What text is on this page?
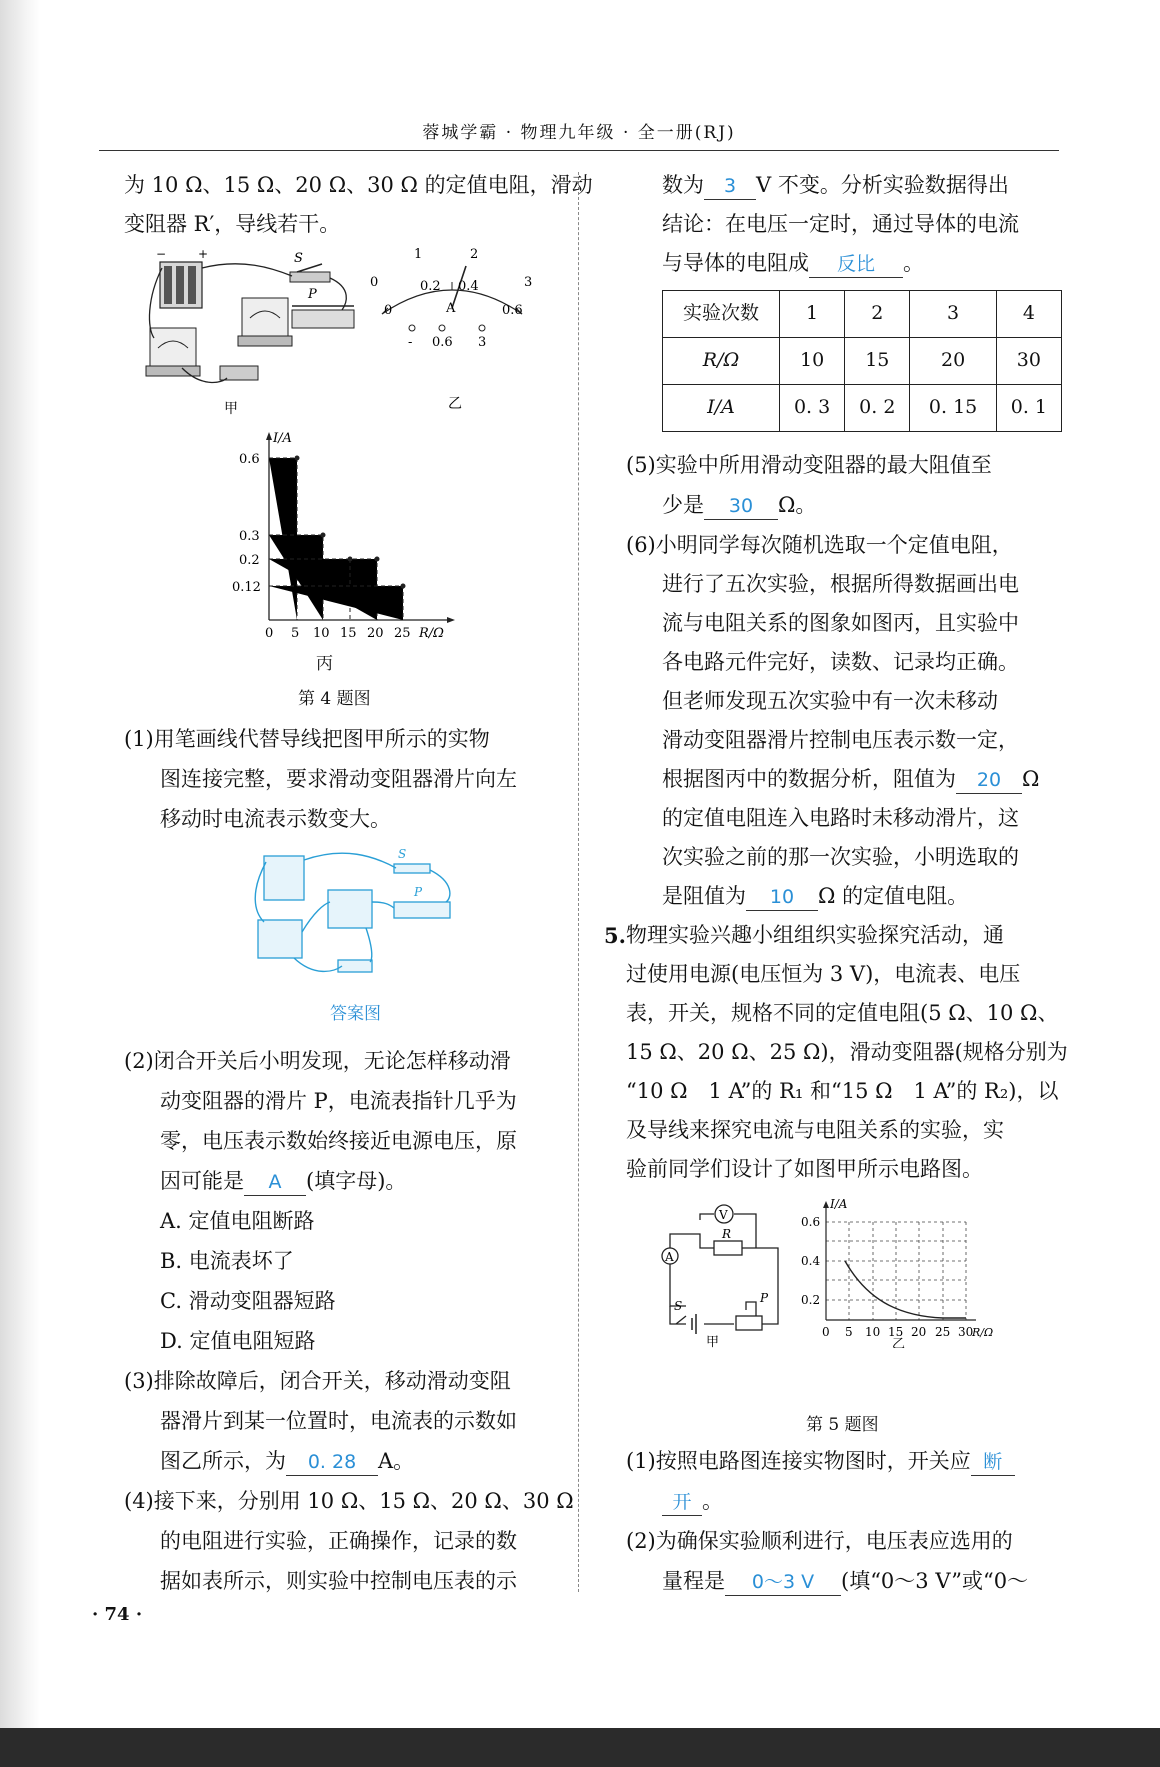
蓉城学霸 · 物理九年级 · 全一册(RJ)
为 10 Ω、15 Ω、20 Ω、30 Ω 的定值电阻，滑动
变阻器 R′，导线若干。
−	+	S
P
甲
0
1	2
3
0
0.2 0.4
0.6
A
- 0.6 3
乙
I/A
R/Ω
0.6
0.3
0.2
0.12
0 5 10 15 20 25
丙
第 4 题图
(1)用笔画线代替导线把图甲所示的实物
图连接完整，要求滑动变阻器滑片向左
移动时电流表示数变大。
S
P
答案图
(2)闭合开关后小明发现，无论怎样移动滑
动变阻器的滑片 P，电流表指针几乎为
零，电压表示数始终接近电源电压，原
因可能是 A (填字母)。
A. 定值电阻断路
B. 电流表坏了
C. 滑动变阻器短路
D. 定值电阻短路
(3)排除故障后，闭合开关，移动滑动变阻
器滑片到某一位置时，电流表的示数如
图乙所示，为 0. 28 A。
(4)接下来，分别用 10 Ω、15 Ω、20 Ω、30 Ω
的电阻进行实验，正确操作，记录的数
据如表所示，则实验中控制电压表的示
数为 3 V 不变。分析实验数据得出
结论：在电压一定时，通过导体的电流
与导体的电阻成 反比 。
实验次数	1	2	3	4
R/Ω	10	15	20	30
I/A	0. 3	0. 2	0. 15	0. 1
(5)实验中所用滑动变阻器的最大阻值至
少是 30 Ω。
(6)小明同学每次随机选取一个定值电阻，
进行了五次实验，根据所得数据画出电
流与电阻关系的图象如图丙，且实验中
各电路元件完好，读数、记录均正确。
但老师发现五次实验中有一次未移动
滑动变阻器滑片控制电压表示数一定，
根据图丙中的数据分析，阻值为 20 Ω
的定值电阻连入电路时未移动滑片，这
次实验之前的那一次实验，小明选取的
是阻值为 10 Ω 的定值电阻。
5. 物理实验兴趣小组组织实验探究活动，通
过使用电源(电压恒为 3 V)，电流表、电压
表，开关，规格不同的定值电阻(5 Ω、10 Ω、
15 Ω、20 Ω、25 Ω)，滑动变阻器(规格分别为
“10 Ω　1 A”的 R₁ 和“15 Ω　1 A”的 R₂)，以
及导线来探究电流与电阻关系的实验，实
验前同学们设计了如图甲所示电路图。
A
V
R
S
P
甲
I/A
0.6
0.4
0.2
0 5 10 15 20 25 30
R/Ω
乙
第 5 题图
(1)按照电路图连接实物图时，开关应 断
开 。
(2)为确保实验顺利进行，电压表应选用的
量程是 0～3 V (填“0～3 V”或“0～
· 74 ·
